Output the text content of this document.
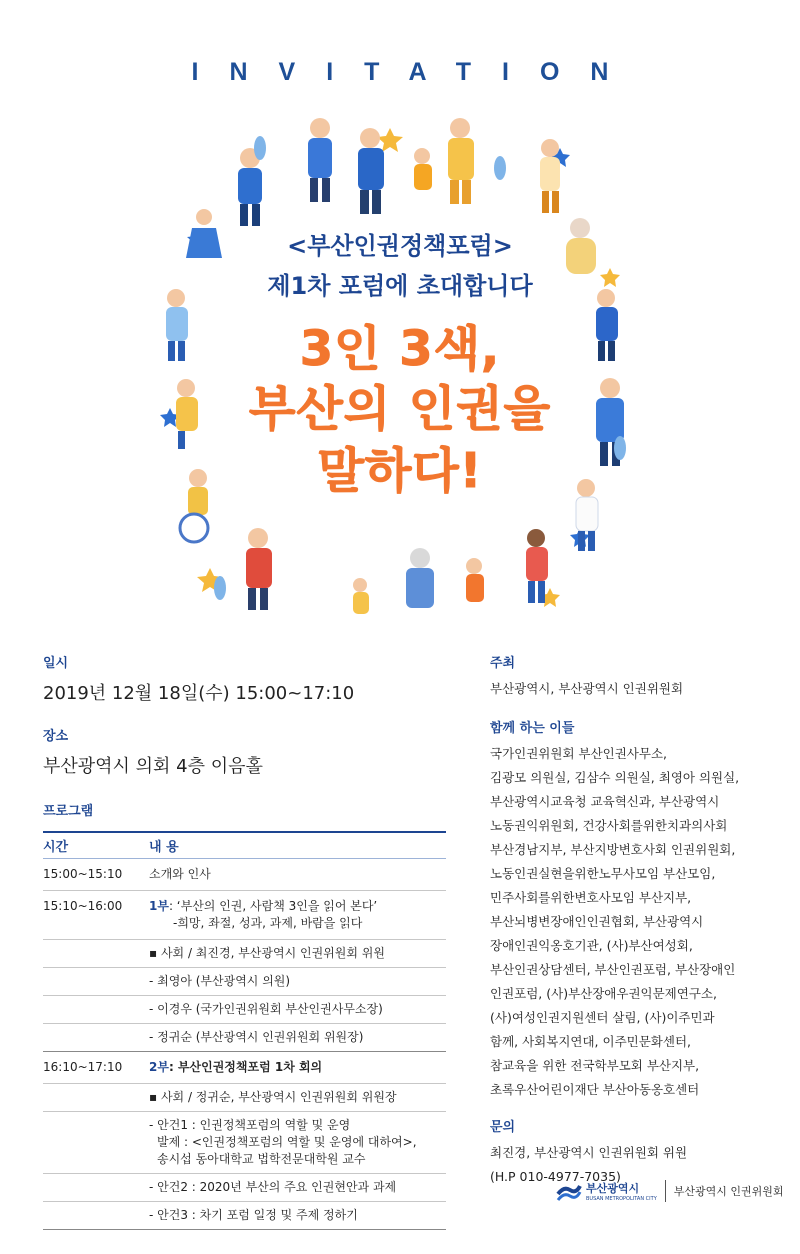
INVITATION
<부산인권정책포럼>
제1차 포럼에 초대합니다
3인 3색,
부산의 인권을
말하다!
일시
2019년 12월 18일(수) 15:00~17:10
장소
부산광역시 의회 4층 이음홀
프로그램
시간	내 용
15:00~15:10	소개와 인사
15:10~16:00	1부: ‘부산의 인권, 사람책 3인을 읽어 본다’
-희망, 좌절, 성과, 과제, 바람을 읽다
▪ 사회 / 최진경, 부산광역시 인권위원회 위원
- 최영아 (부산광역시 의원)
- 이경우 (국가인권위원회 부산인권사무소장)
- 정귀순 (부산광역시 인권위원회 위원장)
16:10~17:10	2부: 부산인권정책포럼 1차 회의
▪ 사회 / 정귀순, 부산광역시 인권위원회 위원장
- 안건1 : 인권정책포럼의 역할 및 운영
발제 : <인권정책포럼의 역할 및 운영에 대하여>,
송시섭 동아대학교 법학전문대학원 교수
- 안건2 : 2020년 부산의 주요 인권현안과 과제
- 안건3 : 차기 포럼 일정 및 주제 정하기
주최
부산광역시, 부산광역시 인권위원회
함께 하는 이들
국가인권위원회 부산인권사무소,
김광모 의원실, 김삼수 의원실, 최영아 의원실,
부산광역시교육청 교육혁신과, 부산광역시
노동권익위원회, 건강사회를위한치과의사회
부산경남지부, 부산지방변호사회 인권위원회,
노동인권실현을위한노무사모임 부산모임,
민주사회를위한변호사모임 부산지부,
부산뇌병변장애인인권협회, 부산광역시
장애인권익옹호기관, (사)부산여성회,
부산인권상담센터, 부산인권포럼, 부산장애인
인권포럼, (사)부산장애우권익문제연구소,
(사)여성인권지원센터 살림, (사)이주민과
함께, 사회복지연대, 이주민문화센터,
참교육을 위한 전국학부모회 부산지부,
초록우산어린이재단 부산아동옹호센터
문의
최진경, 부산광역시 인권위원회 위원
(H.P 010-4977-7035)
부산광역시
BUSAN METROPOLITAN CITY
부산광역시 인권위원회
